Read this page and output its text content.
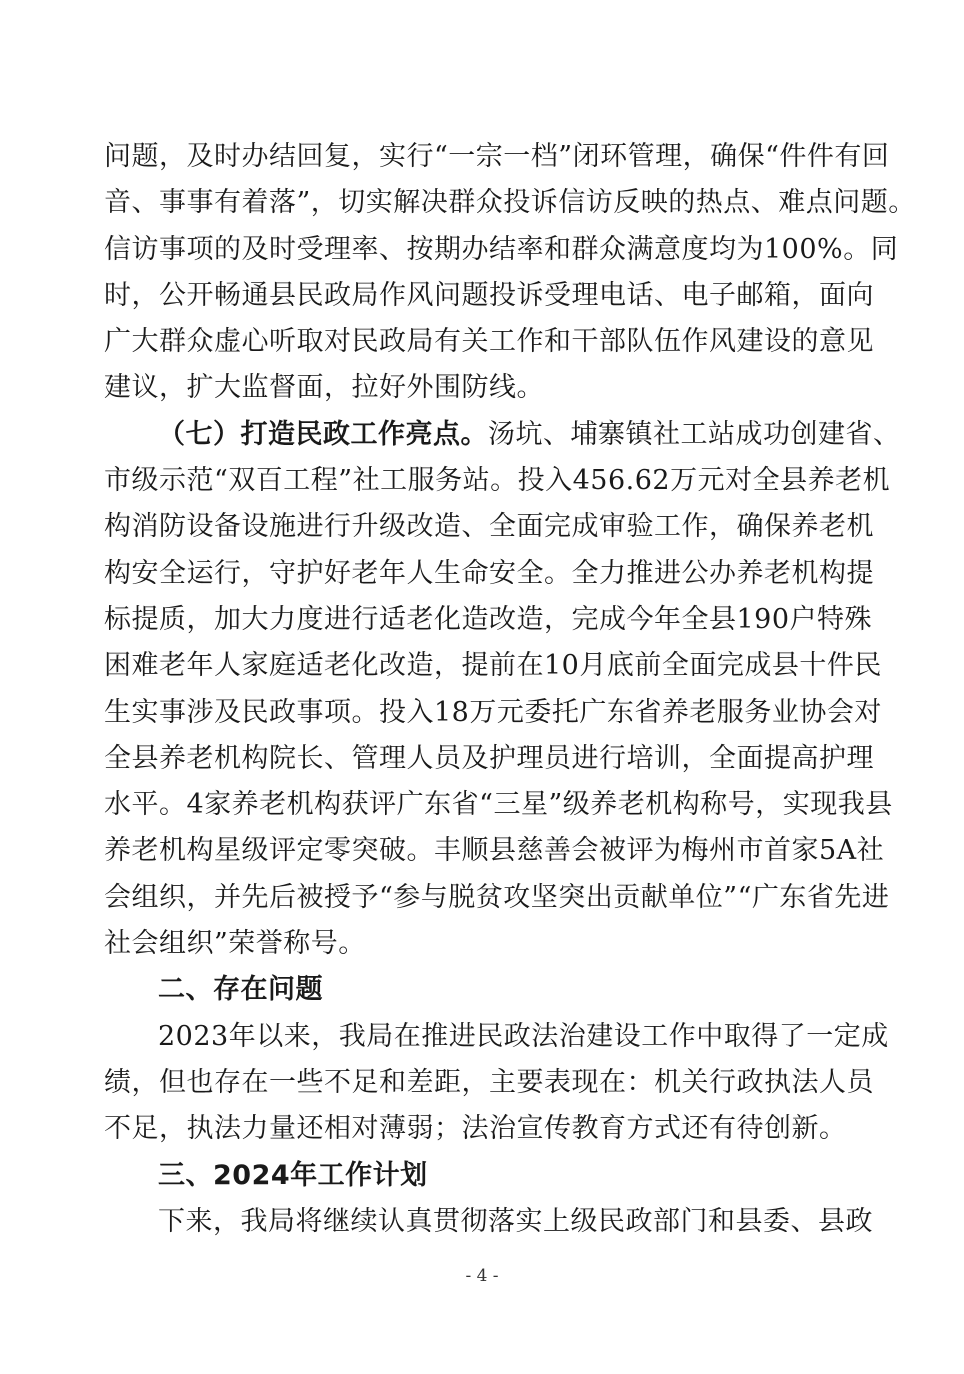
问题，及时办结回复，实行“一宗一档”闭环管理，确保“件件有回
音、事事有着落”，切实解决群众投诉信访反映的热点、难点问题。
信访事项的及时受理率、按期办结率和群众满意度均为100%。同
时，公开畅通县民政局作风问题投诉受理电话、电子邮箱，面向
广大群众虚心听取对民政局有关工作和干部队伍作风建设的意见
建议，扩大监督面，拉好外围防线。
（七）打造民政工作亮点。汤坑、埔寨镇社工站成功创建省、
市级示范“双百工程”社工服务站。投入456.62万元对全县养老机
构消防设备设施进行升级改造、全面完成审验工作，确保养老机
构安全运行，守护好老年人生命安全。全力推进公办养老机构提
标提质，加大力度进行适老化造改造，完成今年全县190户特殊
困难老年人家庭适老化改造，提前在10月底前全面完成县十件民
生实事涉及民政事项。投入18万元委托广东省养老服务业协会对
全县养老机构院长、管理人员及护理员进行培训，全面提高护理
水平。4家养老机构获评广东省“三星”级养老机构称号，实现我县
养老机构星级评定零突破。丰顺县慈善会被评为梅州市首家5A社
会组织，并先后被授予“参与脱贫攻坚突出贡献单位”“广东省先进
社会组织”荣誉称号。
二、存在问题
2023年以来，我局在推进民政法治建设工作中取得了一定成
绩，但也存在一些不足和差距，主要表现在：机关行政执法人员
不足，执法力量还相对薄弱；法治宣传教育方式还有待创新。
三、2024年工作计划
下来，我局将继续认真贯彻落实上级民政部门和县委、县政
- 4 -
